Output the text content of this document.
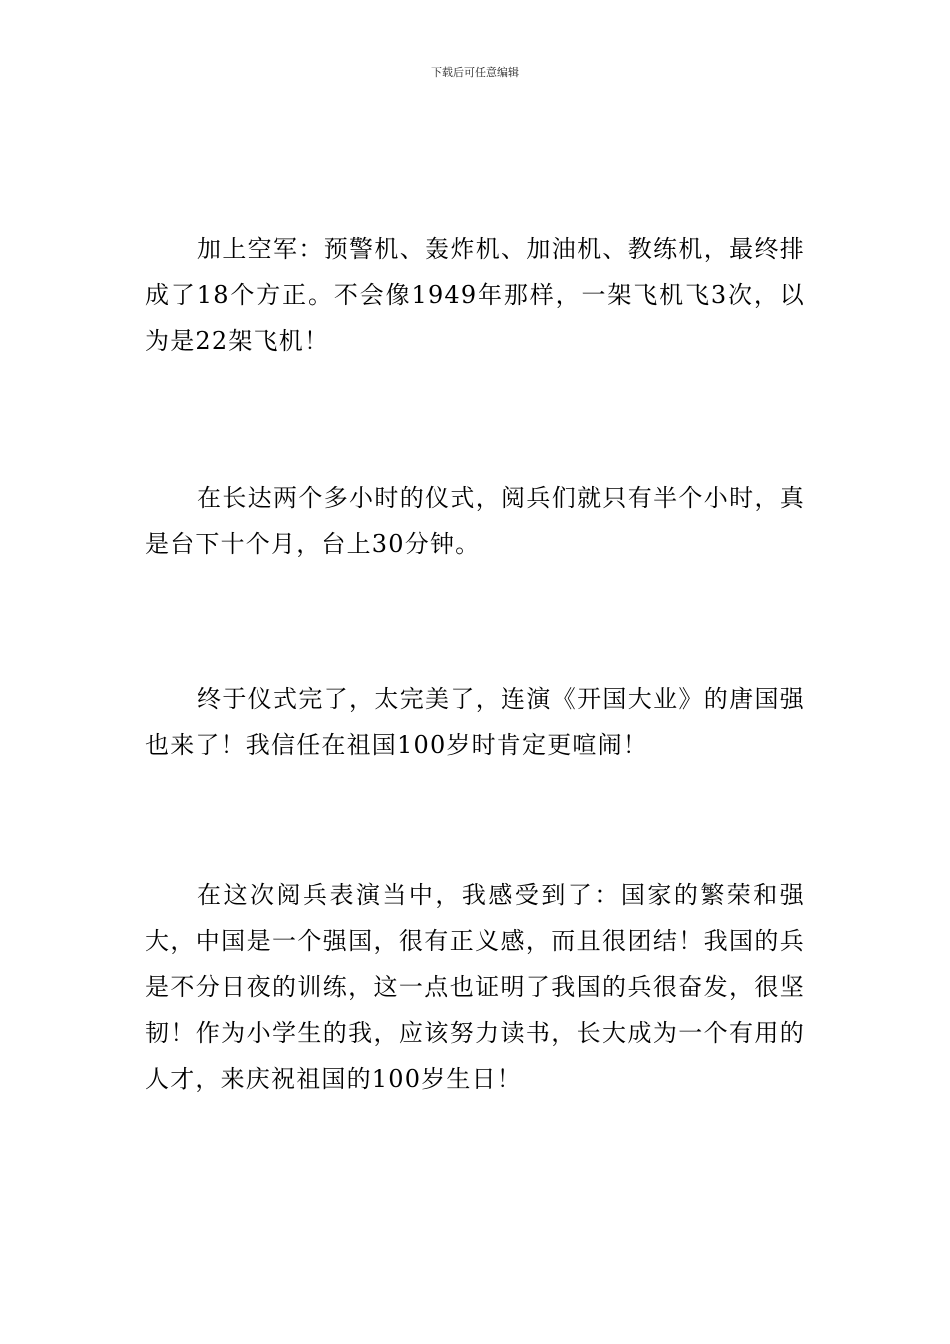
下载后可任意编辑

加上空军：预警机、轰炸机、加油机、教练机，最终排成了18个方正。不会像1949年那样，一架飞机飞3次，以为是22架飞机！

在长达两个多小时的仪式，阅兵们就只有半个小时，真是台下十个月，台上30分钟。

终于仪式完了，太完美了，连演《开国大业》的唐国强也来了！我信任在祖国100岁时肯定更喧闹！

在这次阅兵表演当中，我感受到了：国家的繁荣和强大，中国是一个强国，很有正义感，而且很团结！我国的兵是不分日夜的训练，这一点也证明了我国的兵很奋发，很坚韧！作为小学生的我，应该努力读书，长大成为一个有用的人才，来庆祝祖国的100岁生日！
